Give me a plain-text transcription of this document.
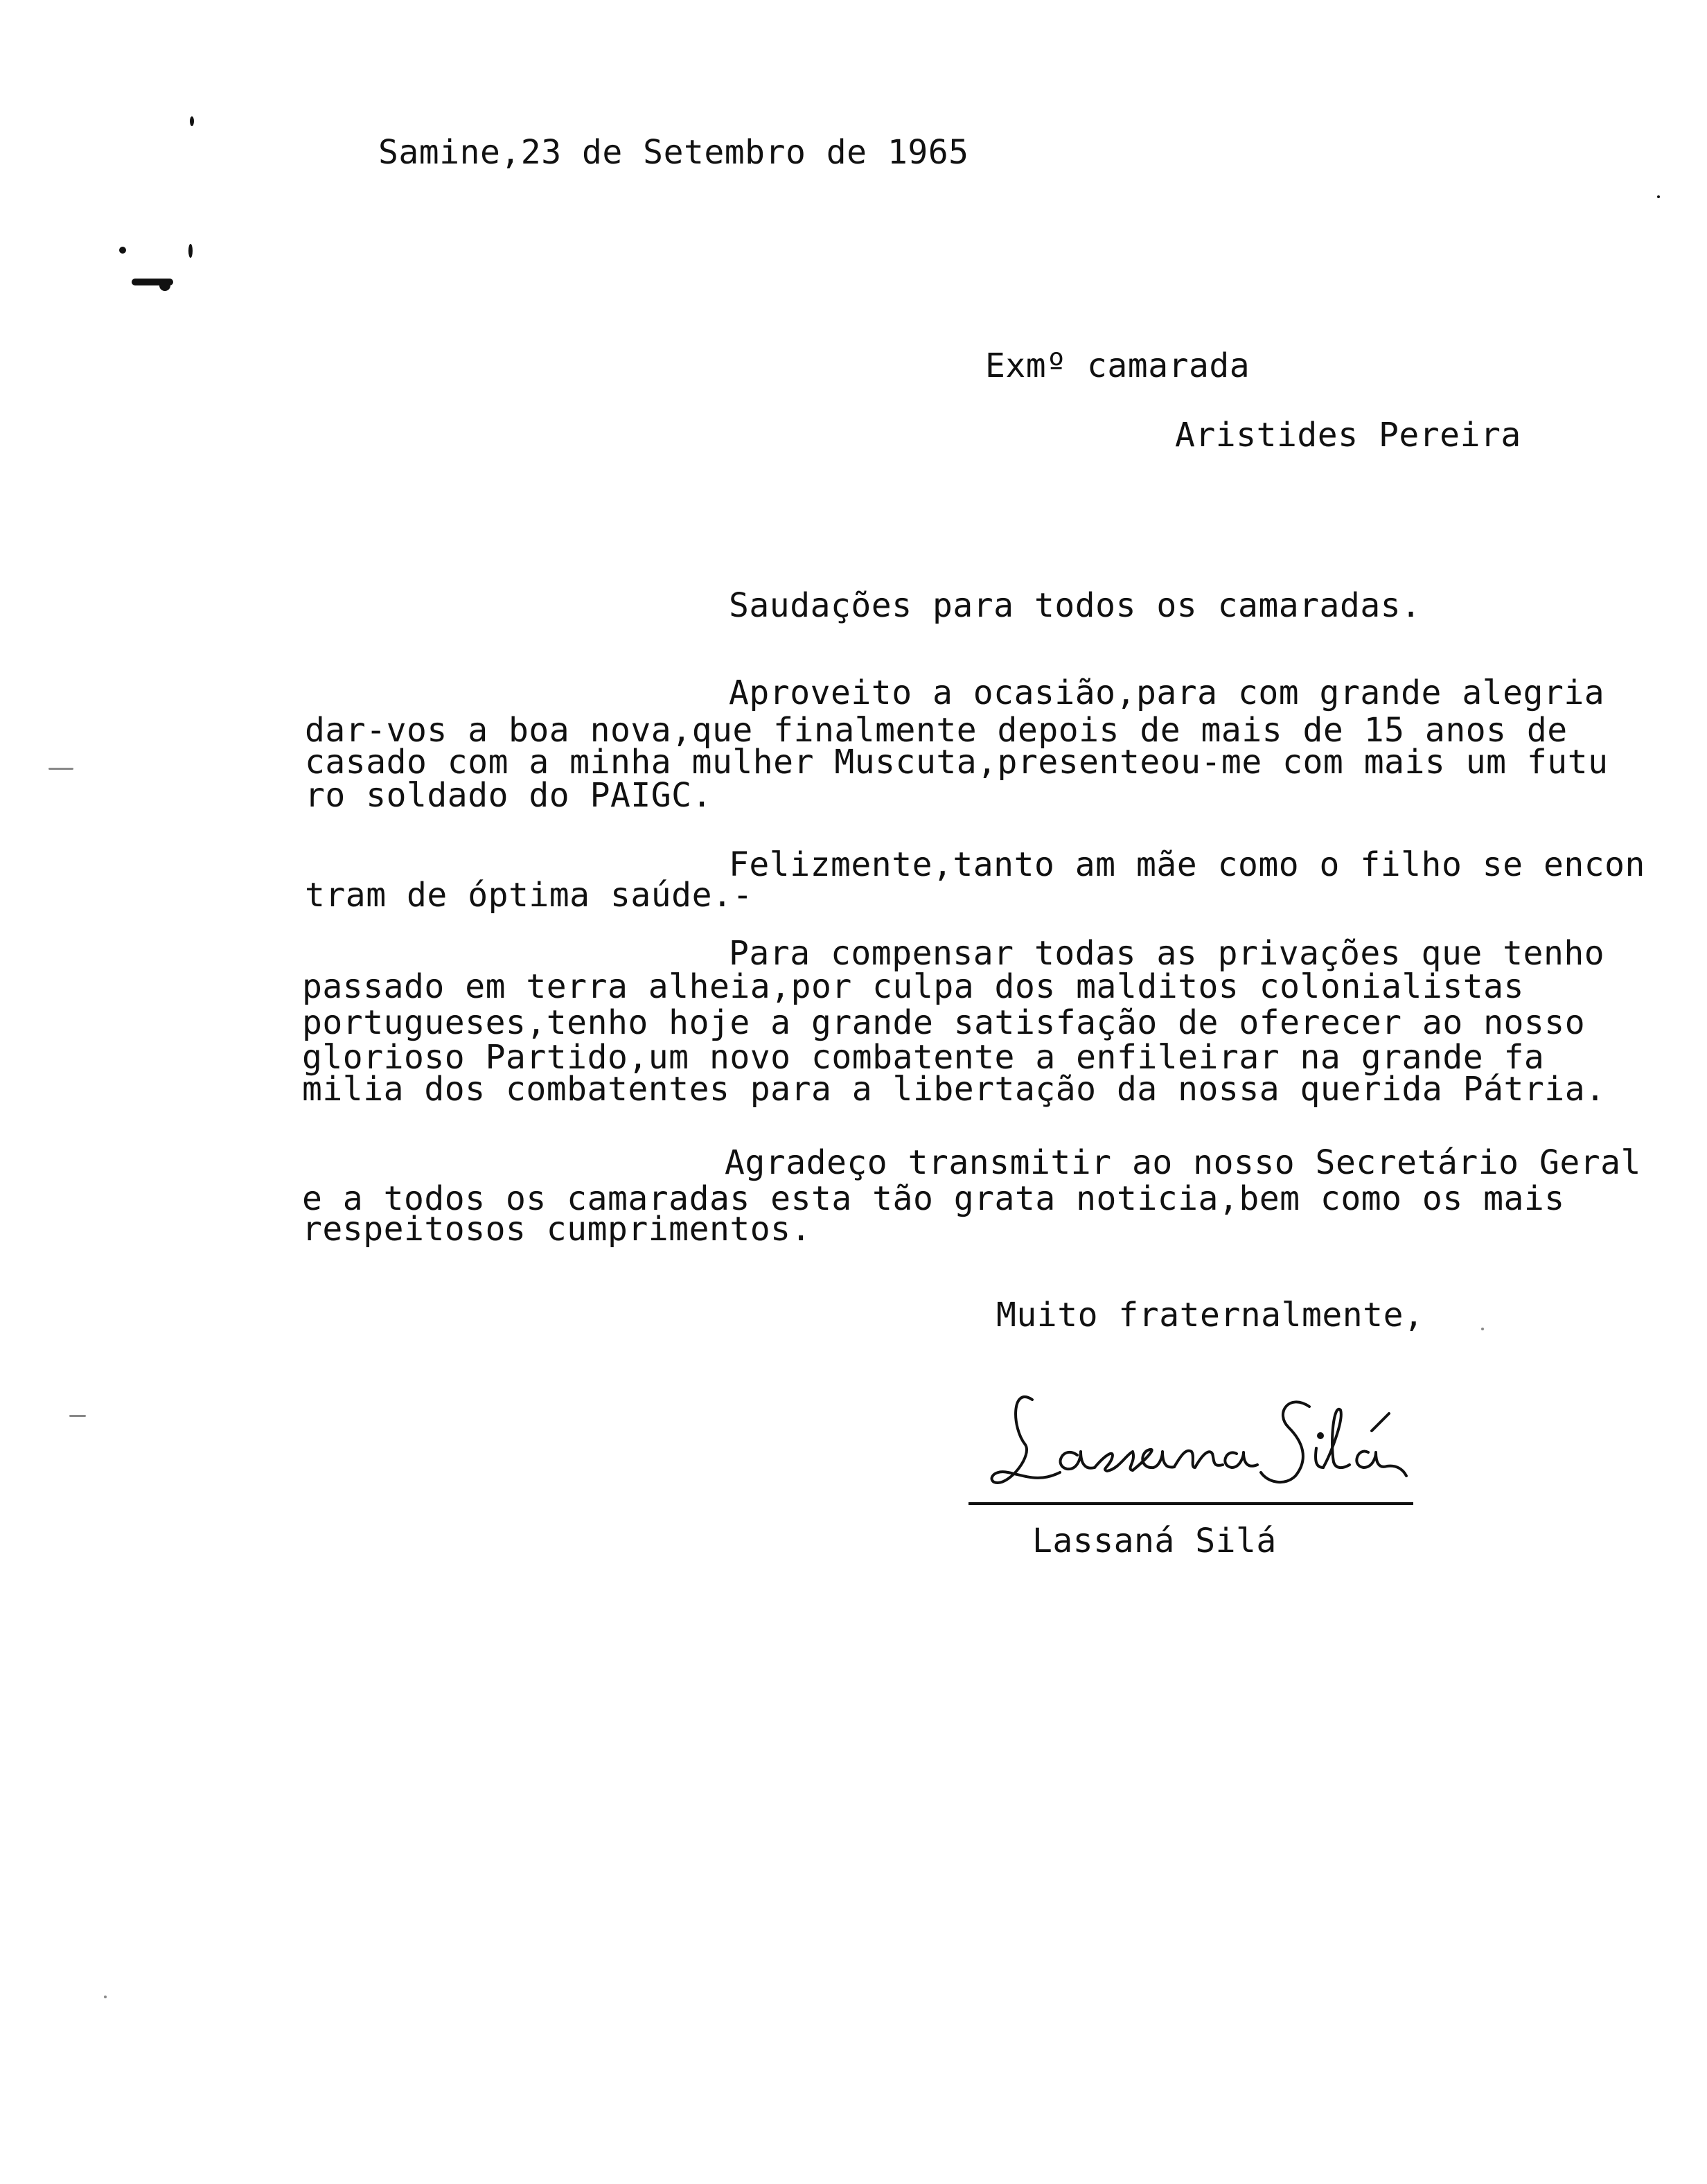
Samine,23 de Setembro de 1965
Exmº camarada
Aristides Pereira
Saudações para todos os camaradas.
Aproveito a ocasião,para com grande alegria
dar-vos a boa nova,que finalmente depois de mais de 15 anos de
casado com a minha mulher Muscuta,presenteou-me com mais um futu
ro soldado do PAIGC.
Felizmente,tanto am mãe como o filho se encon
tram de óptima saúde.-
Para compensar todas as privações que tenho
passado em terra alheia,por culpa dos malditos colonialistas
portugueses,tenho hoje a grande satisfação de oferecer ao nosso
glorioso Partido,um novo combatente a enfileirar na grande fa
milia dos combatentes para a libertação da nossa querida Pátria.
Agradeço transmitir ao nosso Secretário Geral
e a todos os camaradas esta tão grata noticia,bem como os mais
respeitosos cumprimentos.
Muito fraternalmente,
Lassaná Silá
